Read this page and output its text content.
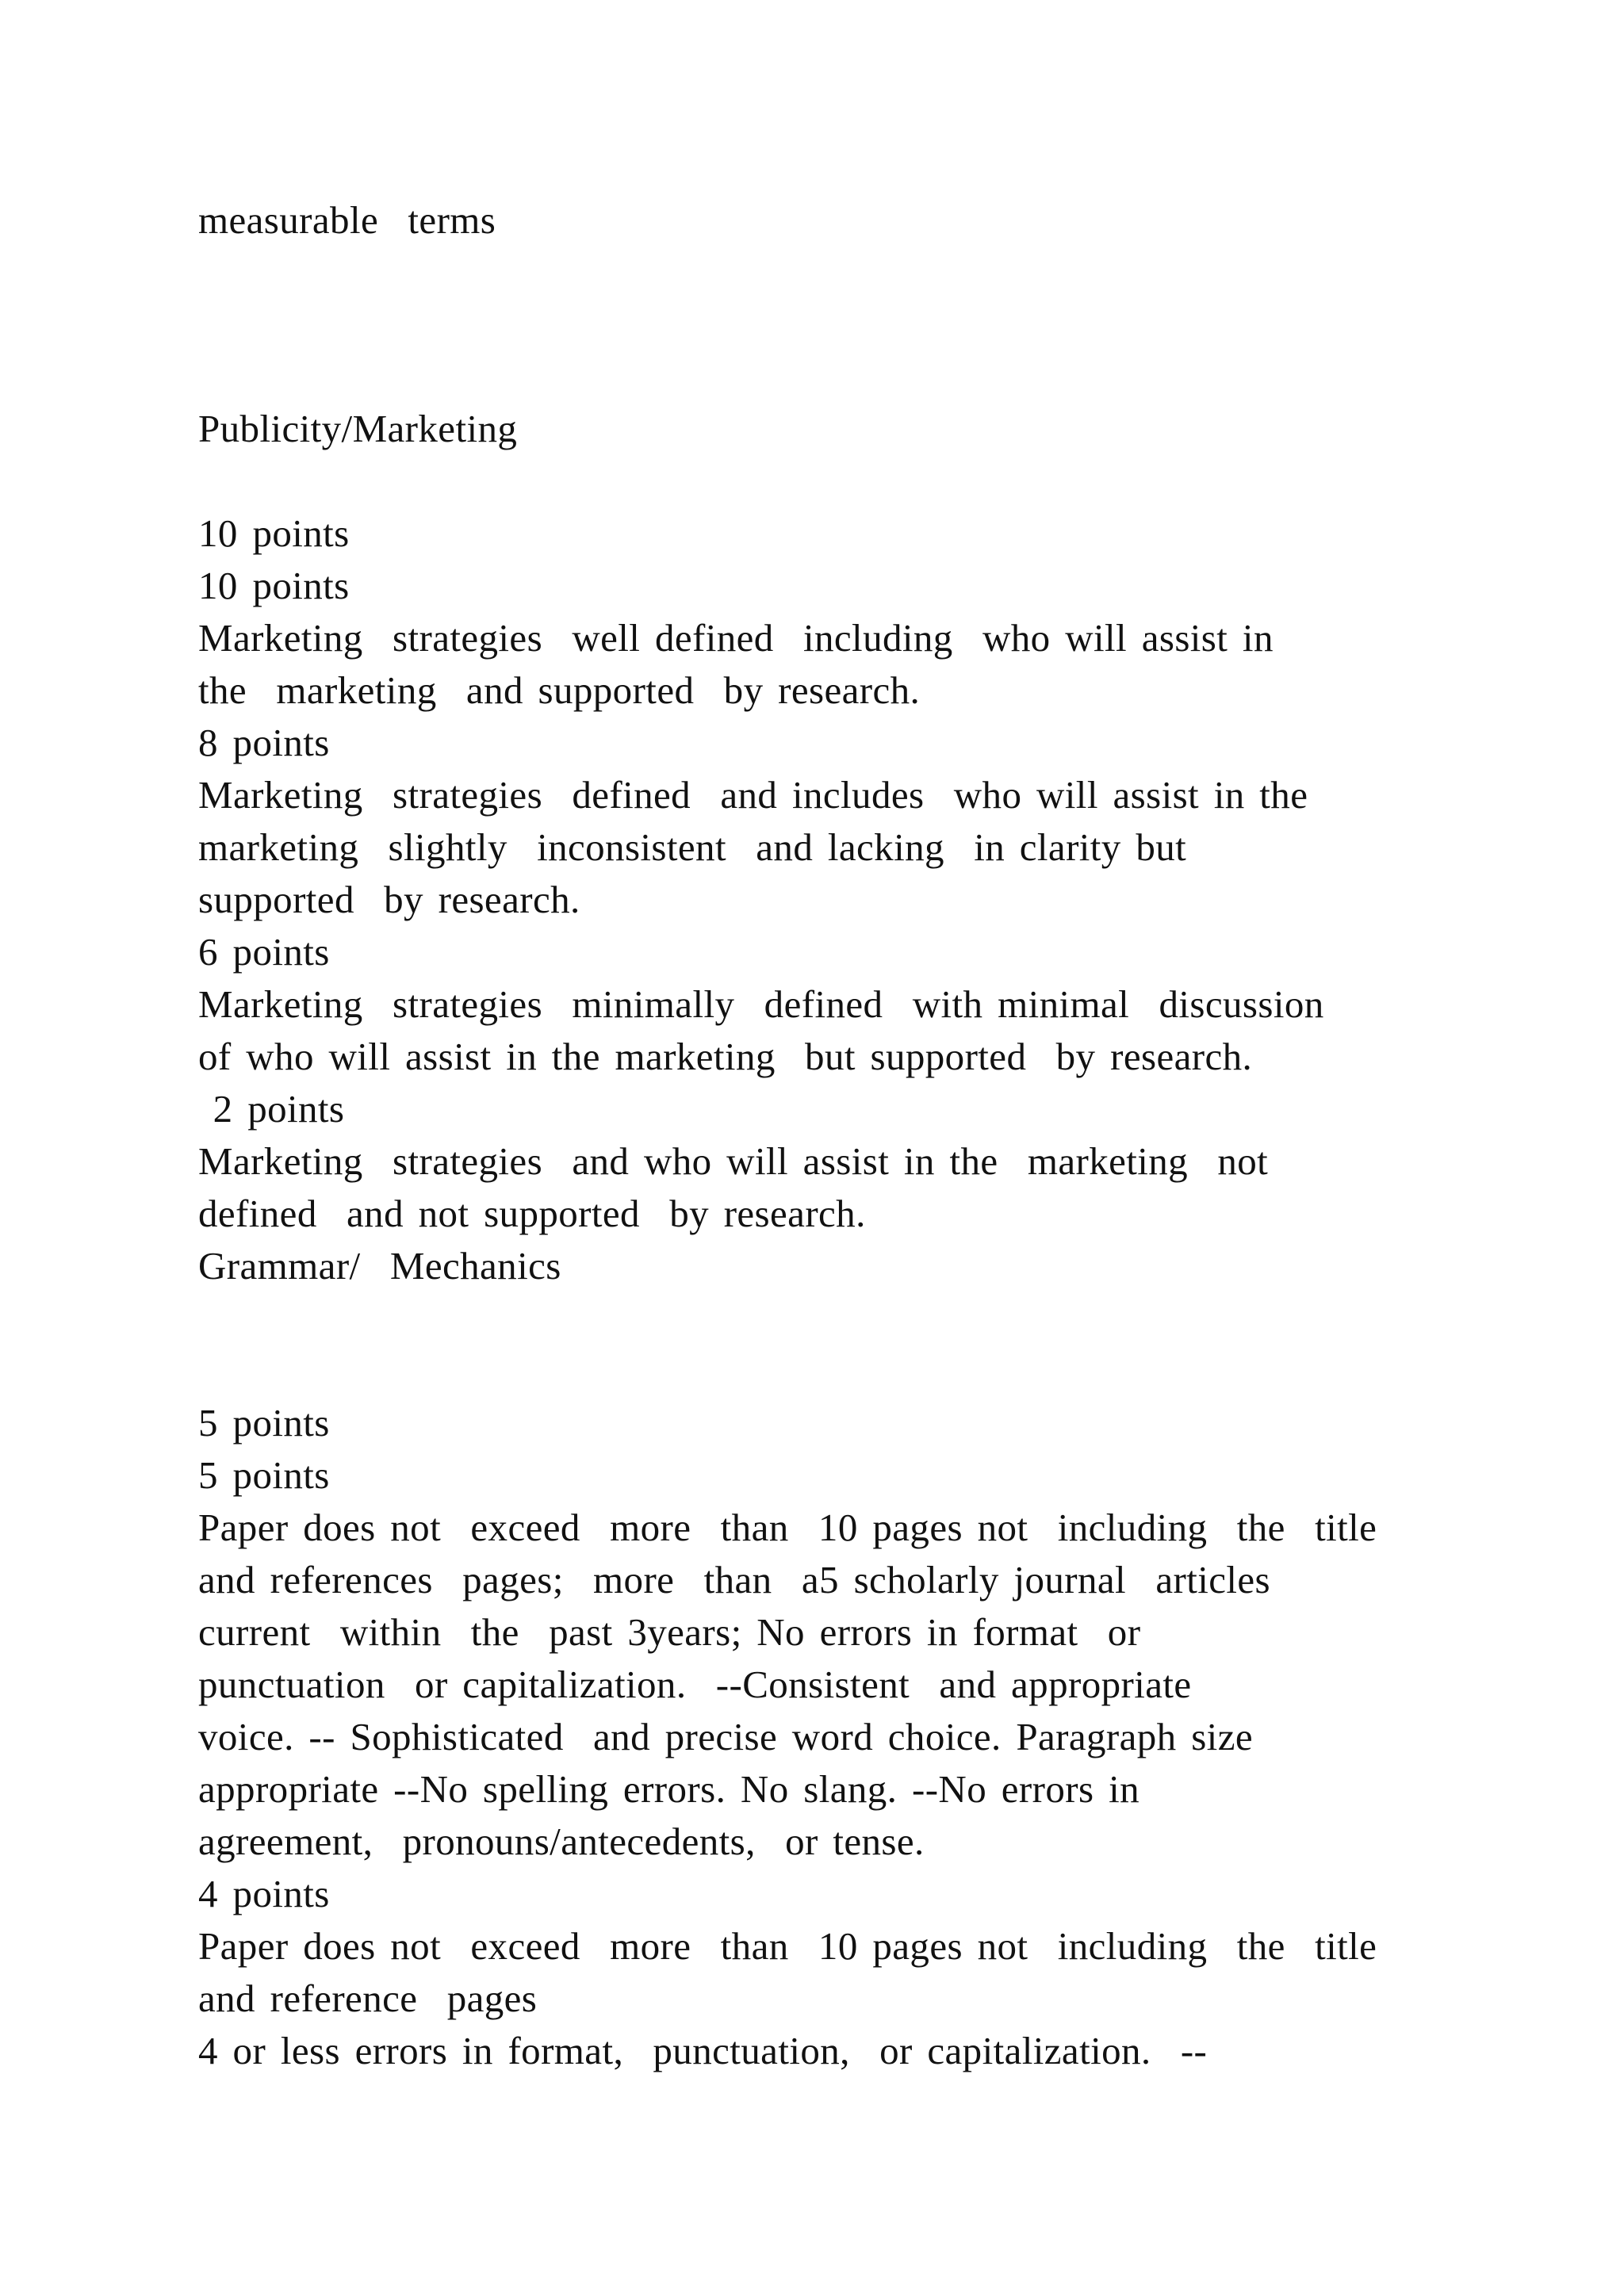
measurable  terms

Publicity/Marketing

10 points

10 points

Marketing  strategies  well defined  including  who will assist in

the  marketing  and supported  by research.

8 points

Marketing  strategies  defined  and includes  who will assist in the

marketing  slightly  inconsistent  and lacking  in clarity but

supported  by research.

6 points

Marketing  strategies  minimally  defined  with minimal  discussion

of who will assist in the marketing  but supported  by research.

2 points

Marketing  strategies  and who will assist in the  marketing  not

defined  and not supported  by research.

Grammar/  Mechanics

5 points

5 points

Paper does not  exceed  more  than  10 pages not  including  the  title

and references  pages;  more  than  a5 scholarly journal  articles

current  within  the  past 3years; No errors in format  or

punctuation  or capitalization.  --Consistent  and appropriate

voice. -- Sophisticated  and precise word choice. Paragraph size

appropriate --No spelling errors. No slang. --No errors in

agreement,  pronouns/antecedents,  or tense.

4 points

Paper does not  exceed  more  than  10 pages not  including  the  title

and reference  pages

4 or less errors in format,  punctuation,  or capitalization.  --
